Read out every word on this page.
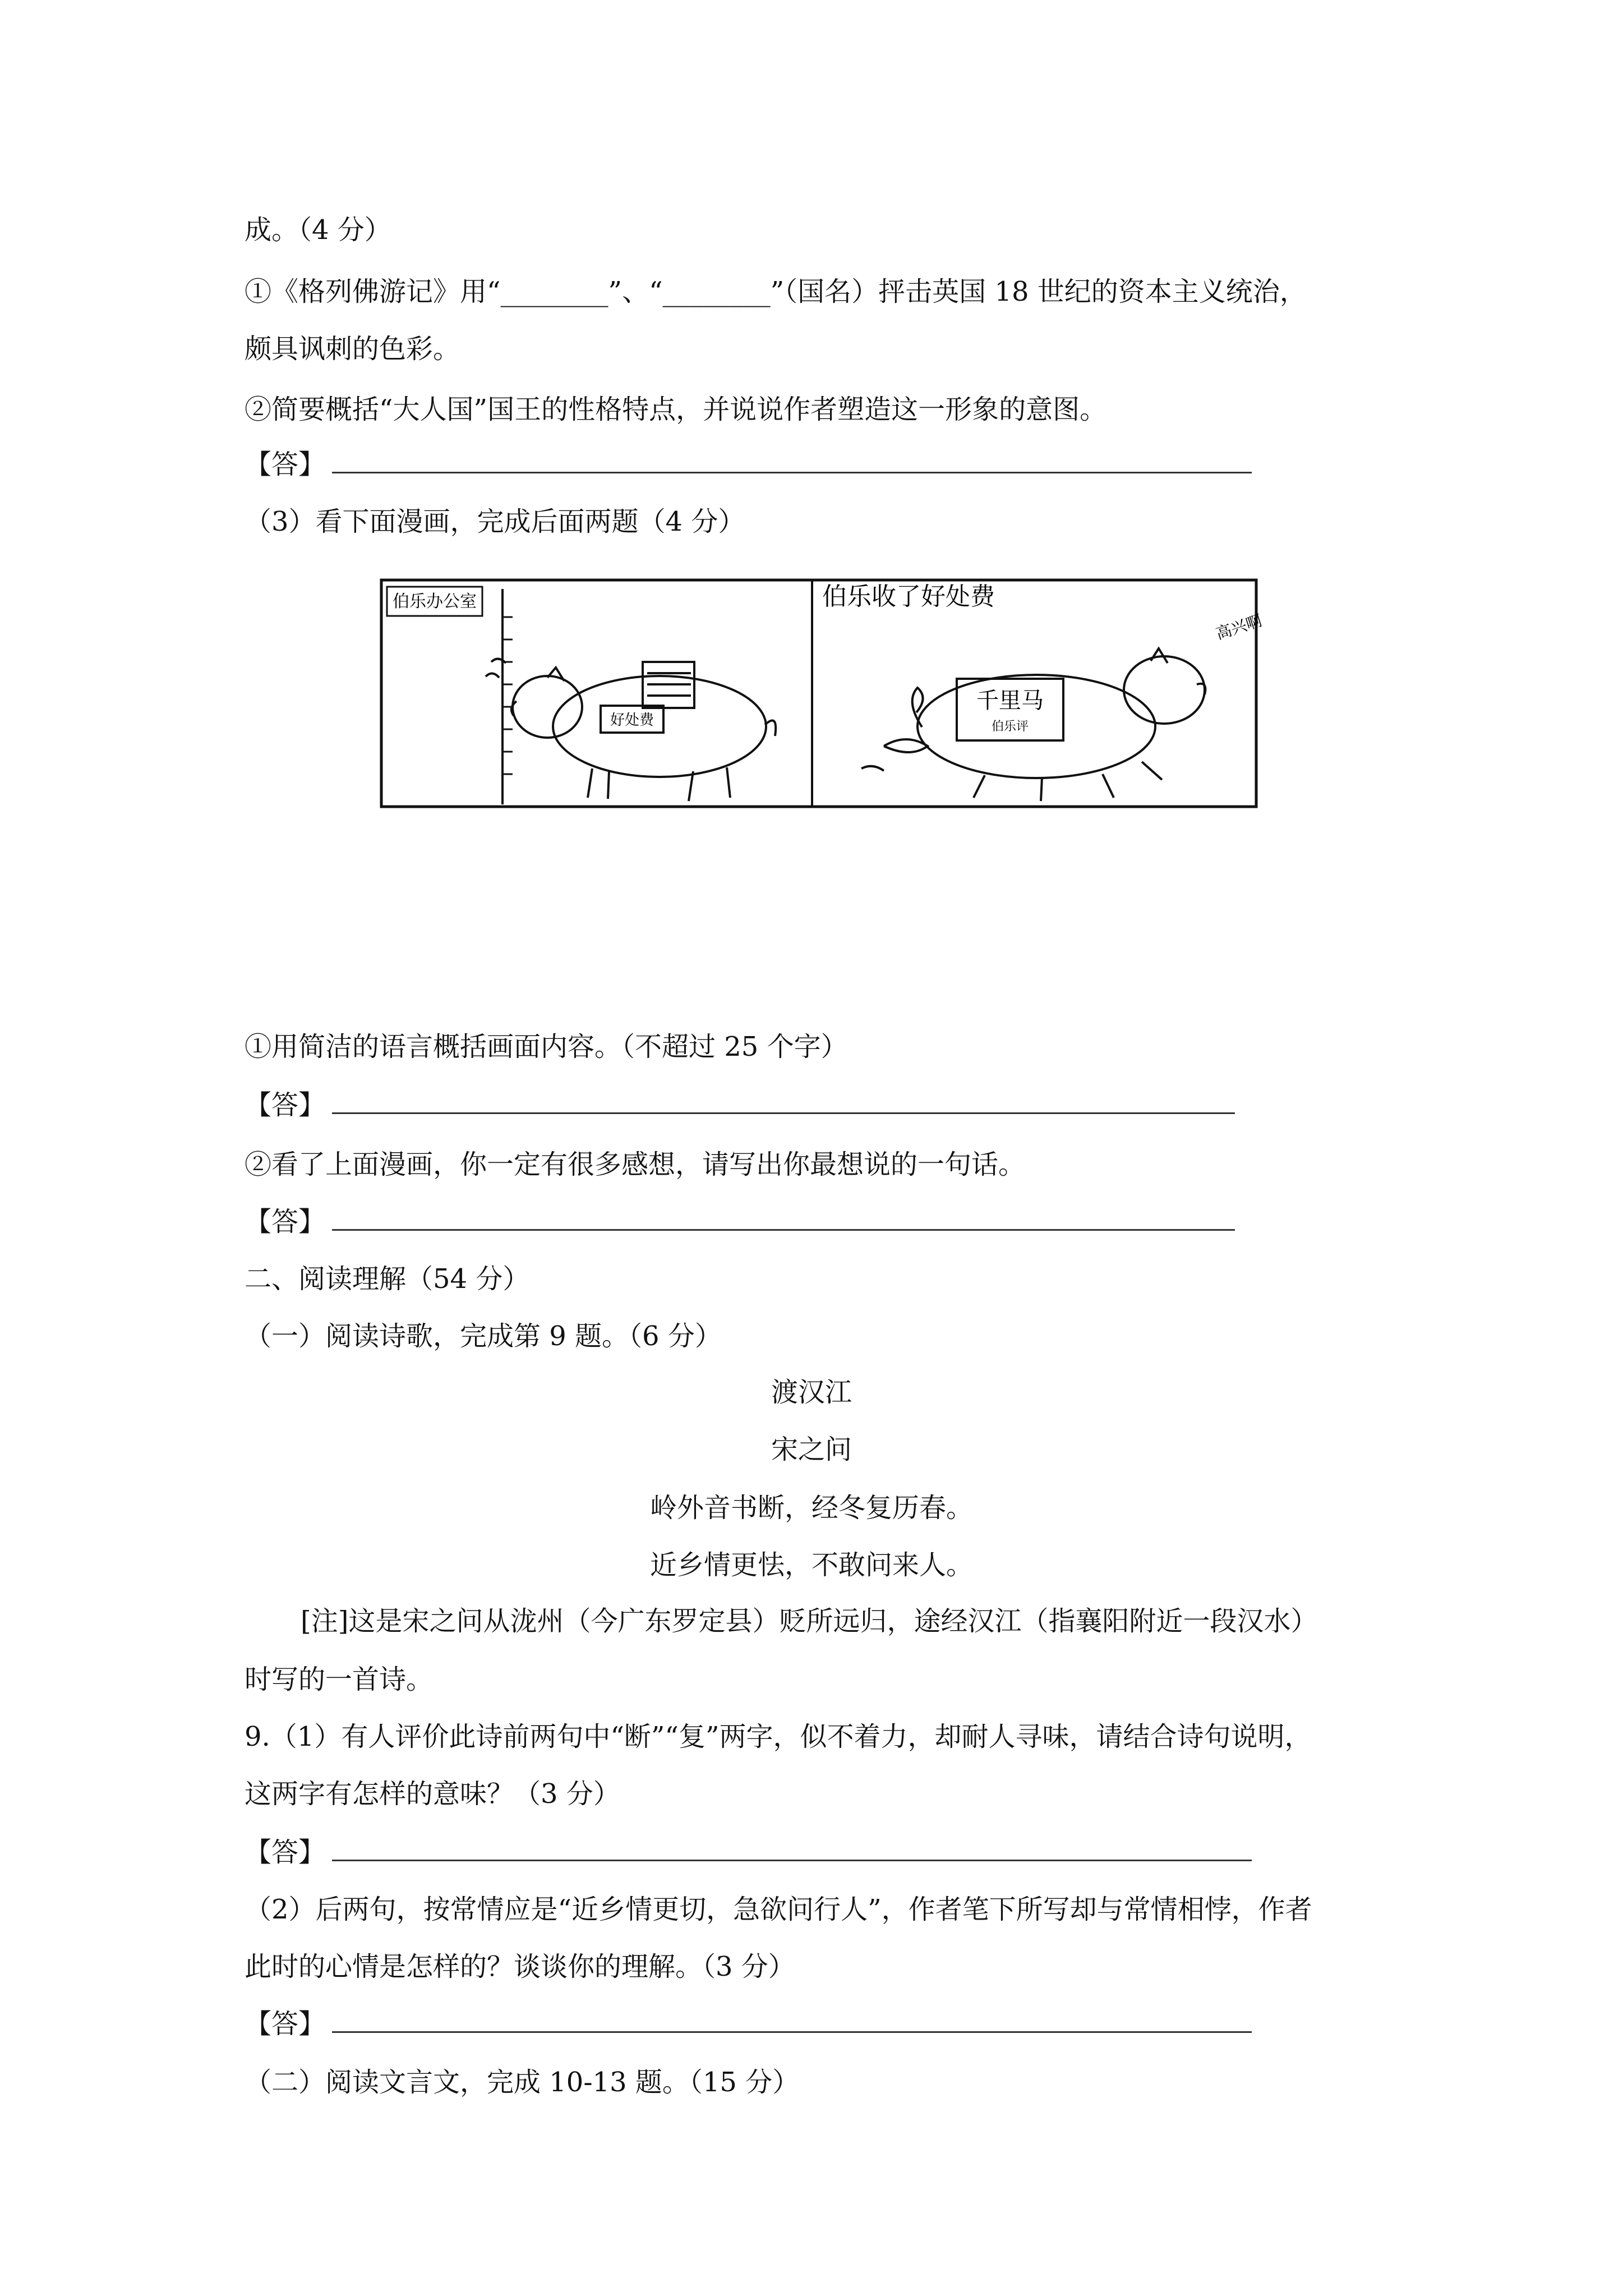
成。（4 分）
①《格列佛游记》用“________”、“________”（国名）抨击英国 18 世纪的资本主义统治，
颇具讽刺的色彩。
②简要概括“大人国”国王的性格特点，并说说作者塑造这一形象的意图。
【答】
（3）看下面漫画，完成后面两题（4 分）
伯乐办公室	伯乐收了好处费
好处费
千里马
伯乐评
高兴啊
①用简洁的语言概括画面内容。（不超过 25 个字）
【答】
②看了上面漫画，你一定有很多感想，请写出你最想说的一句话。
【答】
二、阅读理解（54 分）
（一）阅读诗歌，完成第 9 题。（6 分）
渡汉江
宋之问
岭外音书断，经冬复历春。
近乡情更怯，不敢问来人。
[注]这是宋之问从泷州（今广东罗定县）贬所远归，途经汉江（指襄阳附近一段汉水）
时写的一首诗。
9.（1）有人评价此诗前两句中“断”“复”两字，似不着力，却耐人寻味，请结合诗句说明，
这两字有怎样的意味？（3 分）
【答】
（2）后两句，按常情应是“近乡情更切，急欲问行人”，作者笔下所写却与常情相悖，作者
此时的心情是怎样的？谈谈你的理解。（3 分）
【答】
（二）阅读文言文，完成 10-13 题。（15 分）
